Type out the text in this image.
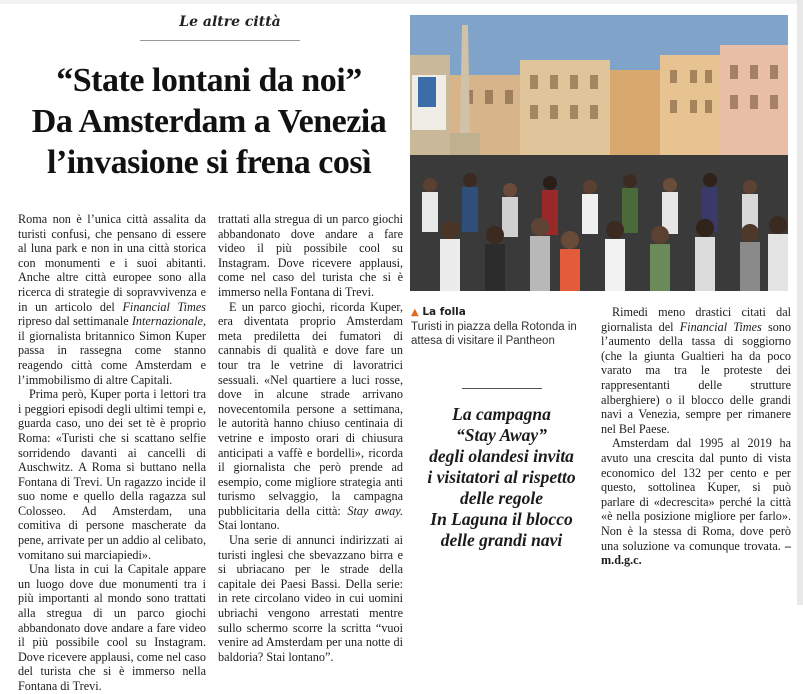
Le altre città
“State lontani da noi”
Da Amsterdam a Venezia
l’invasione si frena così

Roma non è l’unica città assalita da turisti confusi, che pensano di essere al luna park e non in una città storica con monumenti e i suoi abitanti. Anche altre città europee sono alla ricerca di strategie di sopravvivenza e in un articolo del Financial Times ripreso dal settimanale Internazionale, il giornalista britannico Simon Kuper passa in rassegna come stanno reagendo città come Amsterdam e l’immobilismo di altre Capitali.

Prima però, Kuper porta i lettori tra i peggiori episodi degli ultimi tempi e, guarda caso, uno dei set tè è proprio Roma: «Turisti che si scattano selfie sorridendo davanti ai cancelli di Auschwitz. A Roma si buttano nella Fontana di Trevi. Un ragazzo incide il suo nome e quello della ragazza sul Colosseo. Ad Amsterdam, una comitiva di persone mascherate da pene, arrivate per un addio al celibato, vomitano sui marciapiedi».

Una lista in cui la Capitale appare un luogo dove due monumenti tra i più importanti al mondo sono trattati alla stregua di un parco giochi abbandonato dove andare a fare video il più possibile cool su Instagram. Dove ricevere applausi, come nel caso del turista che si è immerso nella Fontana di Trevi.

trattati alla stregua di un parco giochi abbandonato dove andare a fare video il più possibile cool su Instagram. Dove ricevere applausi, come nel caso del turista che si è immerso nella Fontana di Trevi.

E un parco giochi, ricorda Kuper, era diventata proprio Amsterdam meta prediletta dei fumatori di cannabis di qualità e dove fare un tour tra le vetrine di lavoratrici sessuali. «Nel quartiere a luci rosse, dove in alcune strade arrivano novecentomila persone a settimana, le autorità hanno chiuso centinaia di vetrine e imposto orari di chiusura anticipati a vaffè e bordelli», ricorda il giornalista che però prende ad esempio, come migliore strategia anti turismo selvaggio, la campagna pubblicitaria della città: Stay away. Stai lontano.

Una serie di annunci indirizzati ai turisti inglesi che sbevazzano birra e si ubriacano per le strade della capitale dei Paesi Bassi. Della serie: in rete circolano video in cui uomini ubriachi vengono arrestati mentre sullo schermo scorre la scritta “vuoi venire ad Amsterdam per una notte di baldoria? Stai lontano”.

▲ La folla
Turisti in piazza della Rotonda in attesa di visitare il Pantheon
La campagna
“Stay Away”
degli olandesi invita
i visitatori al rispetto
delle regole
In Laguna il blocco
delle grandi navi

Rimedi meno drastici citati dal giornalista del Financial Times sono l’aumento della tassa di soggiorno (che la giunta Gualtieri ha da poco varato ma tra le proteste dei rappresentanti delle strutture alberghiere) o il blocco delle grandi navi a Venezia, sempre per rimanere nel Bel Paese.

Amsterdam dal 1995 al 2019 ha avuto una crescita dal punto di vista economico del 132 per cento e per questo, sottolinea Kuper, si può parlare di «decrescita» perché la città «è nella posizione migliore per farlo». Non è la stessa di Roma, dove però una soluzione va comunque trovata. – m.d.g.c.
